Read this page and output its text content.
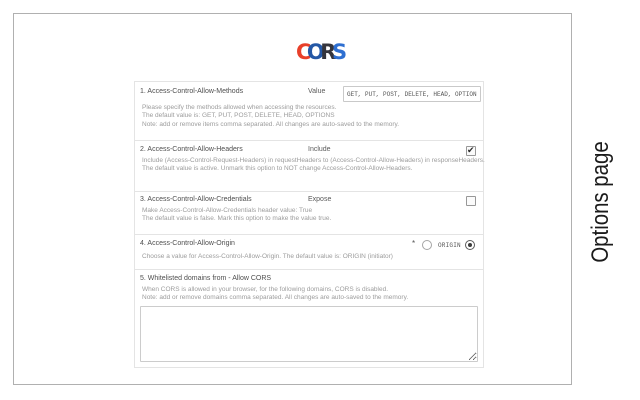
CORS
1. Access-Control-Allow-Methods	Value
GET, PUT, POST, DELETE, HEAD, OPTIONS
Please specify the methods allowed when accessing the resources.
The default value is: GET, PUT, POST, DELETE, HEAD, OPTIONS
Note: add or remove items comma separated. All changes are auto-saved to the memory.
2. Access-Control-Allow-Headers	Include
✔
Include (Access-Control-Request-Headers) in requestHeaders to (Access-Control-Allow-Headers) in responseHeaders.
The default value is active. Unmark this option to NOT change Access-Control-Allow-Headers.
3. Access-Control-Allow-Credentials	Expose
Make Access-Control-Allow-Credentials header value: True
The default value is false. Mark this option to make the value true.
4. Access-Control-Allow-Origin	*	ORIGIN
Choose a value for Access-Control-Allow-Origin. The default value is: ORIGIN (initiator)
5. Whitelisted domains from - Allow CORS
When CORS is allowed in your browser, for the following domains, CORS is disabled.
Note: add or remove domains comma separated. All changes are auto-saved to the memory.
Options page
